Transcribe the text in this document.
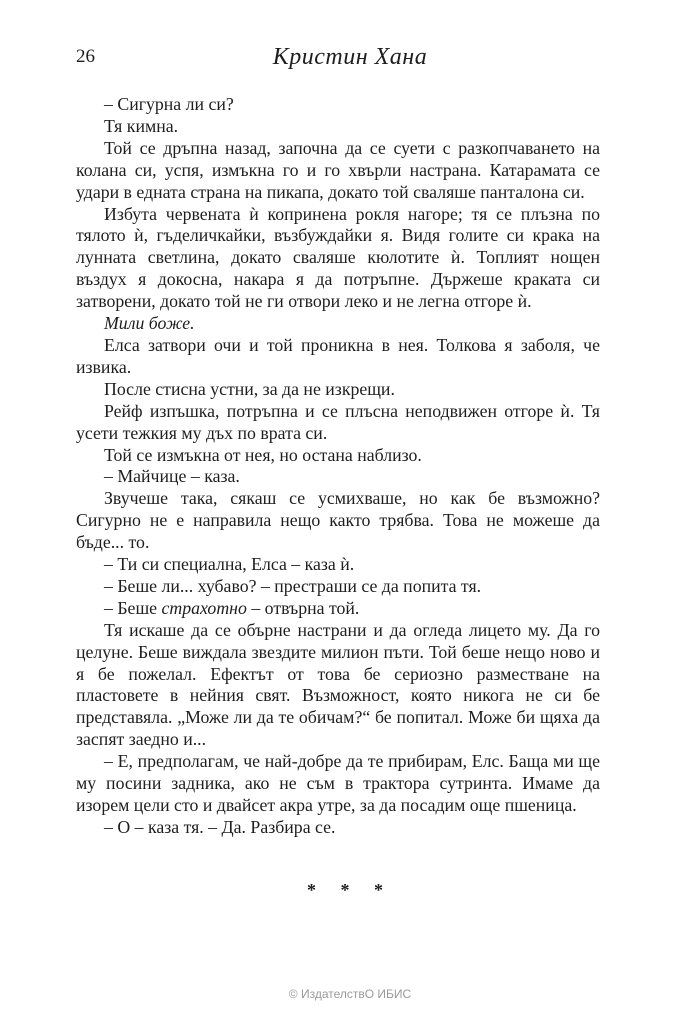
26	Кристин Хана

– Сигурна ли си?

Тя кимна.

Той се дръпна назад, започна да се суети с разкопчаването на колана си, успя, измъкна го и го хвърли настрана. Катарамата се удари в едната страна на пикапа, докато той сваляше панталона си.

Избута червената ѝ копринена рокля нагоре; тя се плъзна по тялото ѝ, гъделичкайки, възбуждайки я. Видя голите си крака на лунната светлина, докато сваляше кюлотите ѝ. Топлият нощен въздух я докосна, накара я да потръпне. Държеше краката си затворени, докато той не ги отвори леко и не легна отгоре ѝ.

Мили боже.

Елса затвори очи и той проникна в нея. Толкова я заболя, че извика.

После стисна устни, за да не изкрещи.

Рейф изпъшка, потръпна и се плъсна неподвижен отгоре ѝ. Тя усети тежкия му дъх по врата си.

Той се измъкна от нея, но остана наблизо.

– Майчице – каза.

Звучеше така, сякаш се усмихваше, но как бе възможно? Сигурно не е направила нещо както трябва. Това не можеше да бъде... то.

– Ти си специална, Елса – каза ѝ.

– Беше ли... хубаво? – престраши се да попита тя.

– Беше страхотно – отвърна той.

Тя искаше да се обърне настрани и да огледа лицето му. Да го целуне. Беше виждала звездите милион пъти. Той беше нещо ново и я бе пожелал. Ефектът от това бе сериозно разместване на пластовете в нейния свят. Възможност, която никога не си бе представяла. „Може ли да те обичам?“ бе попитал. Може би щяха да заспят заедно и...

– Е, предполагам, че най-добре да те прибирам, Елс. Баща ми ще му посини задника, ако не съм в трактора сутринта. Имаме да изорем цели сто и двайсет акра утре, за да посадим още пшеница.

– О – каза тя. – Да. Разбира се.

* * *
© ИздателствО ИБИС
